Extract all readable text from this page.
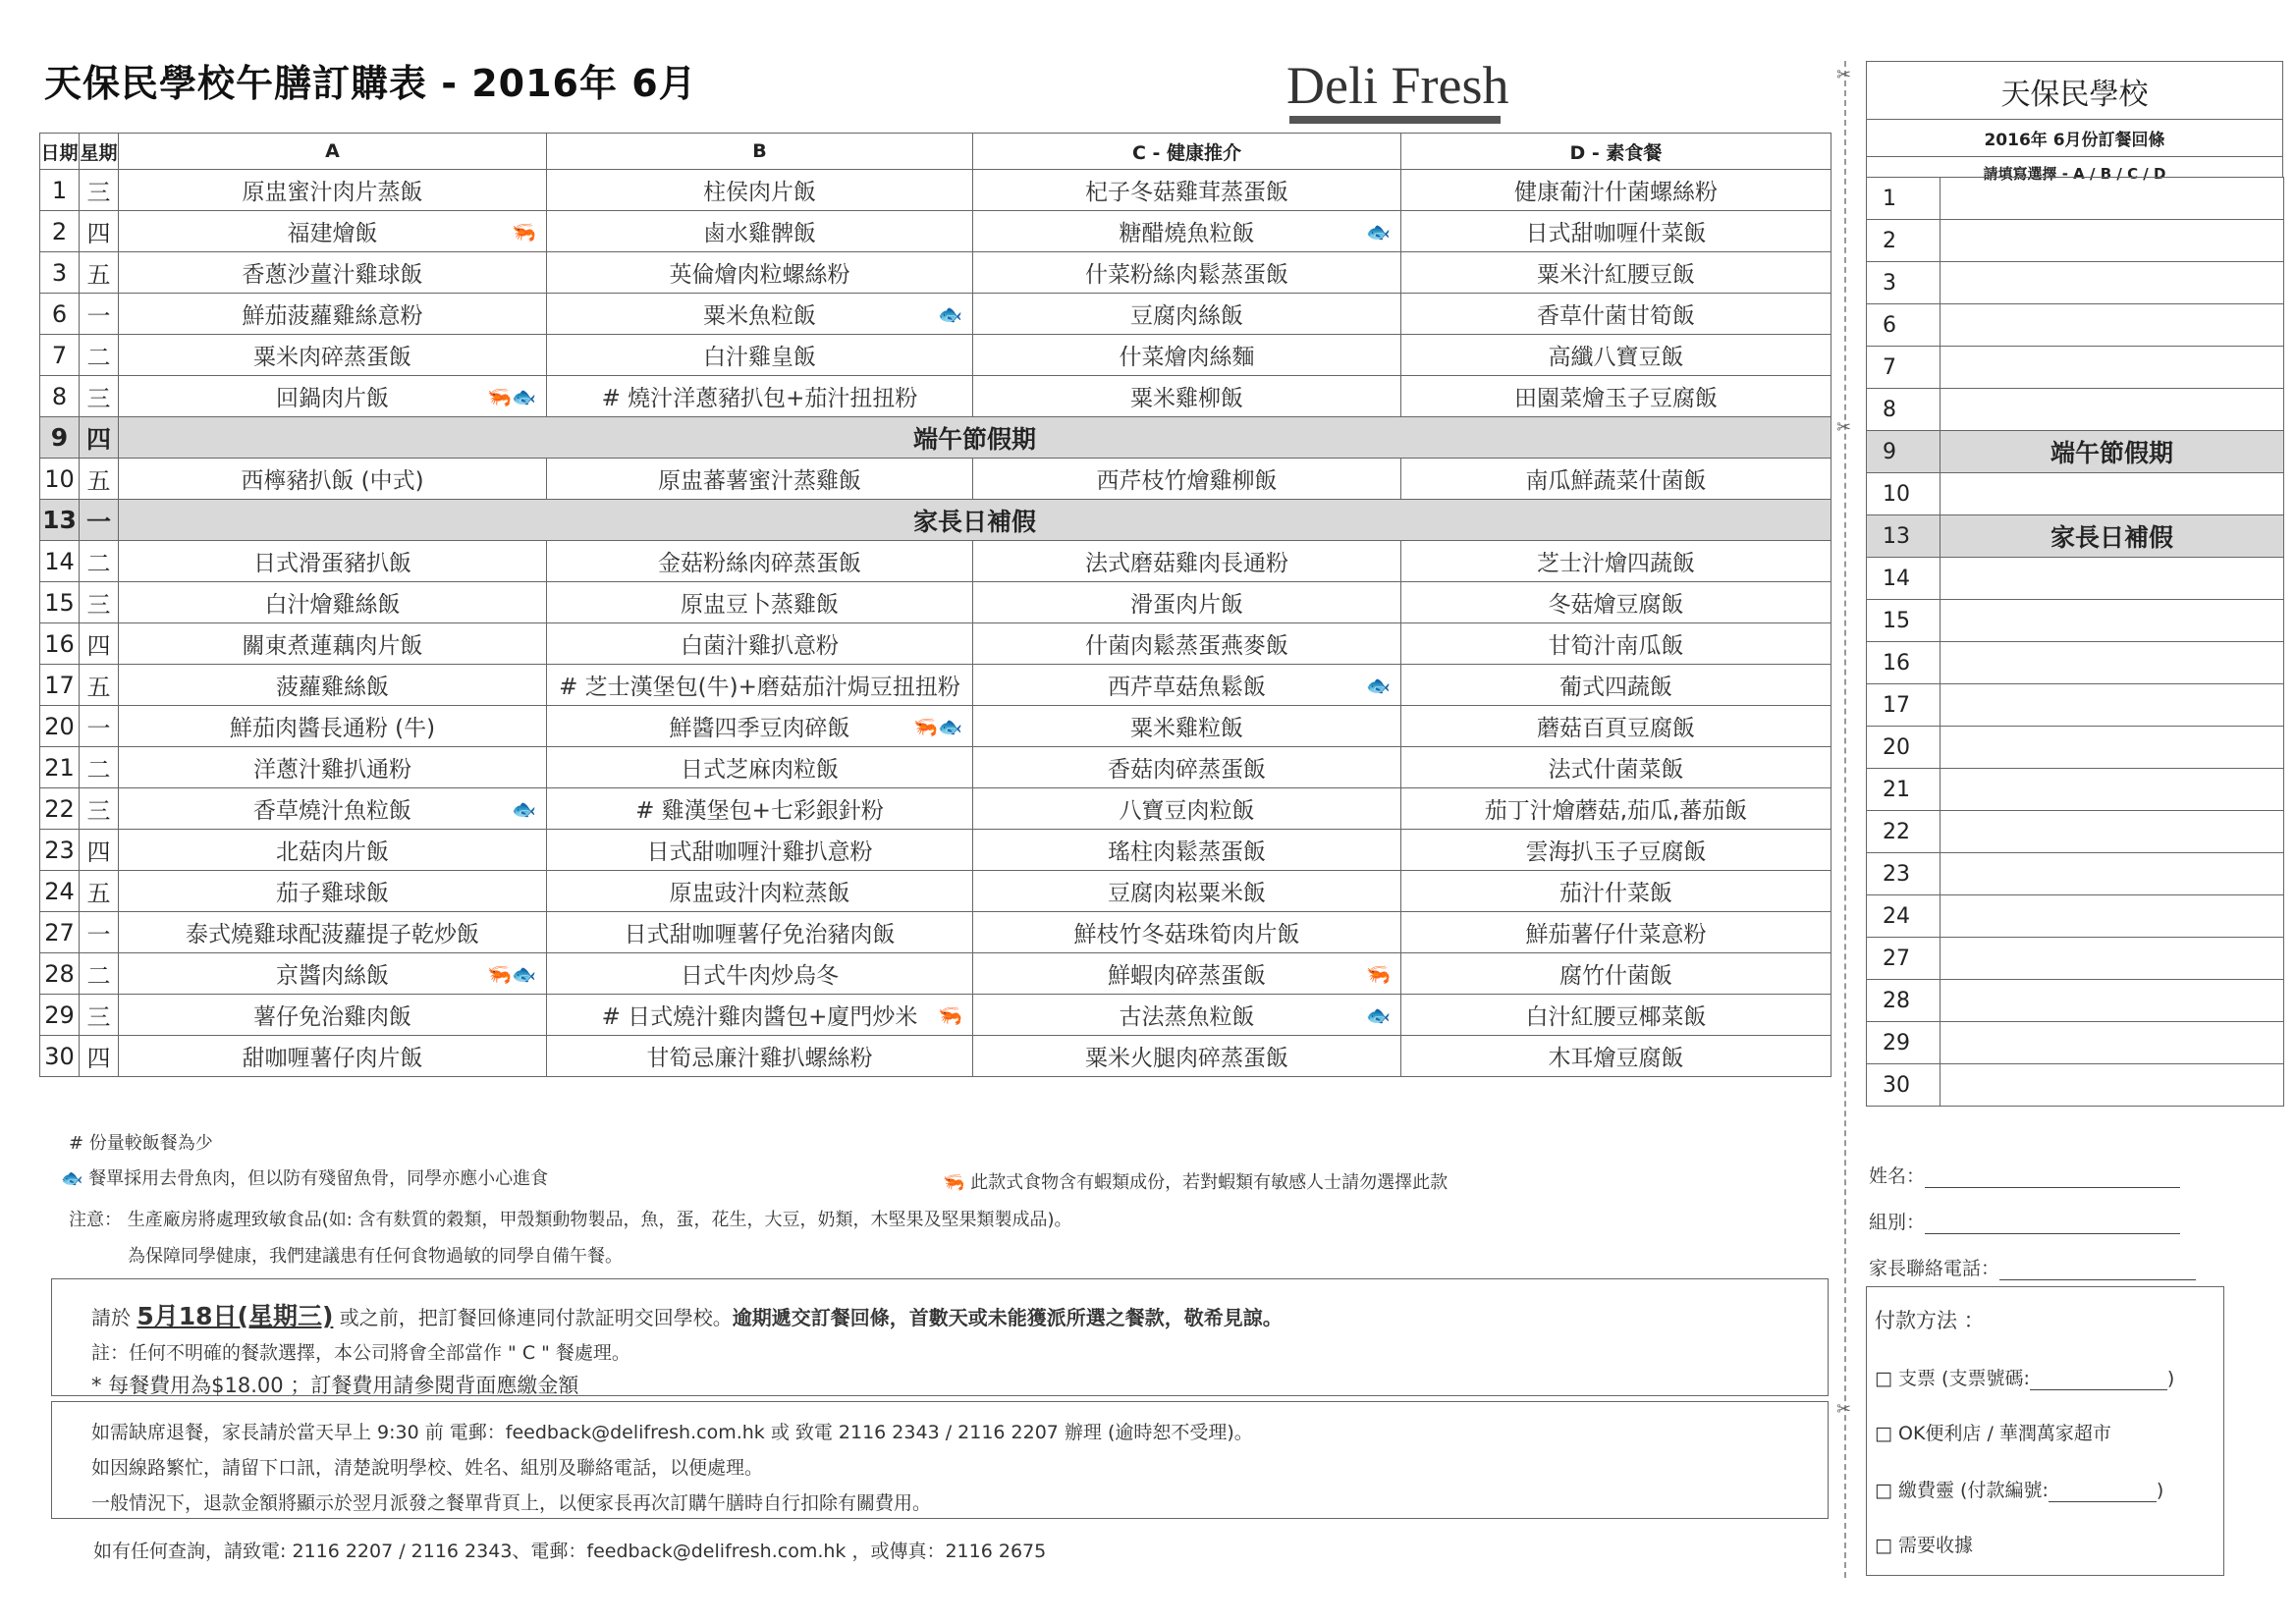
天保民學校午膳訂購表 - 2016年 6月	Deli Fresh
日期	星期	A	B	C - 健康推介	D - 素食餐
1	三	原盅蜜汁肉片蒸飯	柱侯肉片飯	杞子冬菇雞茸蒸蛋飯	健康葡汁什菌螺絲粉
2	四	福建燴飯 🦐	鹵水雞髀飯	糖醋燒魚粒飯 🐟	日式甜咖喱什菜飯
3	五	香蔥沙薑汁雞球飯	英倫燴肉粒螺絲粉	什菜粉絲肉鬆蒸蛋飯	粟米汁紅腰豆飯
6	一	鮮茄菠蘿雞絲意粉	粟米魚粒飯 🐟	豆腐肉絲飯	香草什菌甘筍飯
7	二	粟米肉碎蒸蛋飯	白汁雞皇飯	什菜燴肉絲麵	高纖八寶豆飯
8	三	回鍋肉片飯 🦐🐟	# 燒汁洋蔥豬扒包+茄汁扭扭粉	粟米雞柳飯	田園菜燴玉子豆腐飯
9	四	端午節假期			
10	五	西檸豬扒飯 (中式)	原盅蕃薯蜜汁蒸雞飯	西芹枝竹燴雞柳飯	南瓜鮮蔬菜什菌飯
13	一	家長日補假			
14	二	日式滑蛋豬扒飯	金菇粉絲肉碎蒸蛋飯	法式磨菇雞肉長通粉	芝士汁燴四蔬飯
15	三	白汁燴雞絲飯	原盅豆卜蒸雞飯	滑蛋肉片飯	冬菇燴豆腐飯
16	四	關東煮蓮藕肉片飯	白菌汁雞扒意粉	什菌肉鬆蒸蛋燕麥飯	甘筍汁南瓜飯
17	五	菠蘿雞絲飯	# 芝士漢堡包(牛)+磨菇茄汁焗豆扭扭粉	西芹草菇魚鬆飯 🐟	葡式四蔬飯
20	一	鮮茄肉醬長通粉 (牛)	鮮醬四季豆肉碎飯 🦐🐟	粟米雞粒飯	蘑菇百頁豆腐飯
21	二	洋蔥汁雞扒通粉	日式芝麻肉粒飯	香菇肉碎蒸蛋飯	法式什菌菜飯
22	三	香草燒汁魚粒飯 🐟	# 雞漢堡包+七彩銀針粉	八寶豆肉粒飯	茄丁汁燴蘑菇,茄瓜,蕃茄飯
23	四	北菇肉片飯	日式甜咖喱汁雞扒意粉	瑤柱肉鬆蒸蛋飯	雲海扒玉子豆腐飯
24	五	茄子雞球飯	原盅豉汁肉粒蒸飯	豆腐肉崧粟米飯	茄汁什菜飯
27	一	泰式燒雞球配菠蘿提子乾炒飯	日式甜咖喱薯仔免治豬肉飯	鮮枝竹冬菇珠筍肉片飯	鮮茄薯仔什菜意粉
28	二	京醬肉絲飯 🦐🐟	日式牛肉炒烏冬	鮮蝦肉碎蒸蛋飯 🦐	腐竹什菌飯
29	三	薯仔免治雞肉飯	# 日式燒汁雞肉醬包+廈門炒米 🦐	古法蒸魚粒飯 🐟	白汁紅腰豆椰菜飯
30	四	甜咖喱薯仔肉片飯	甘筍忌廉汁雞扒螺絲粉	粟米火腿肉碎蒸蛋飯	木耳燴豆腐飯
# 份量較飯餐為少
🐟 餐單採用去骨魚肉，但以防有殘留魚骨，同學亦應小心進食	🦐 此款式食物含有蝦類成份，若對蝦類有敏感人士請勿選擇此款
注意： 生產廠房將處理致敏食品(如: 含有麩質的穀類，甲殼類動物製品，魚，蛋，花生，大豆，奶類，木堅果及堅果類製成品)。
為保障同學健康，我們建議患有任何食物過敏的同學自備午餐。
請於 5月18日(星期三) 或之前，把訂餐回條連同付款証明交回學校。逾期遞交訂餐回條，首數天或未能獲派所選之餐款，敬希見諒。
註：任何不明確的餐款選擇，本公司將會全部當作 " C " 餐處理。
* 每餐費用為$18.00 ；訂餐費用請參閱背面應繳金額
如需缺席退餐，家長請於當天早上 9:30 前 電郵：feedback@delifresh.com.hk 或 致電 2116 2343 / 2116 2207 辦理 (逾時恕不受理)。
如因線路繁忙，請留下口訊，清楚說明學校、姓名、組別及聯絡電話，以便處理。
一般情況下，退款金額將顯示於翌月派發之餐單背頁上，以便家長再次訂購午膳時自行扣除有關費用。
如有任何查詢，請致電: 2116 2207 / 2116 2343、電郵：feedback@delifresh.com.hk ，或傳真：2116 2675
✂
✂
✂
天保民學校
2016年 6月份訂餐回條
請填寫選擇 - A / B / C / D
1	
2	
3	
6	
7	
8	
9	端午節假期
10	
13	家長日補假
14	
15	
16	
17	
20	
21	
22	
23	
24	
27	
28	
29	
30	
姓名：
組別：
家長聯絡電話：
付款方法 ：
□ 支票 (支票號碼:	)
□ OK便利店 / 華潤萬家超市
□ 繳費靈 (付款編號:	)
□ 需要收據
